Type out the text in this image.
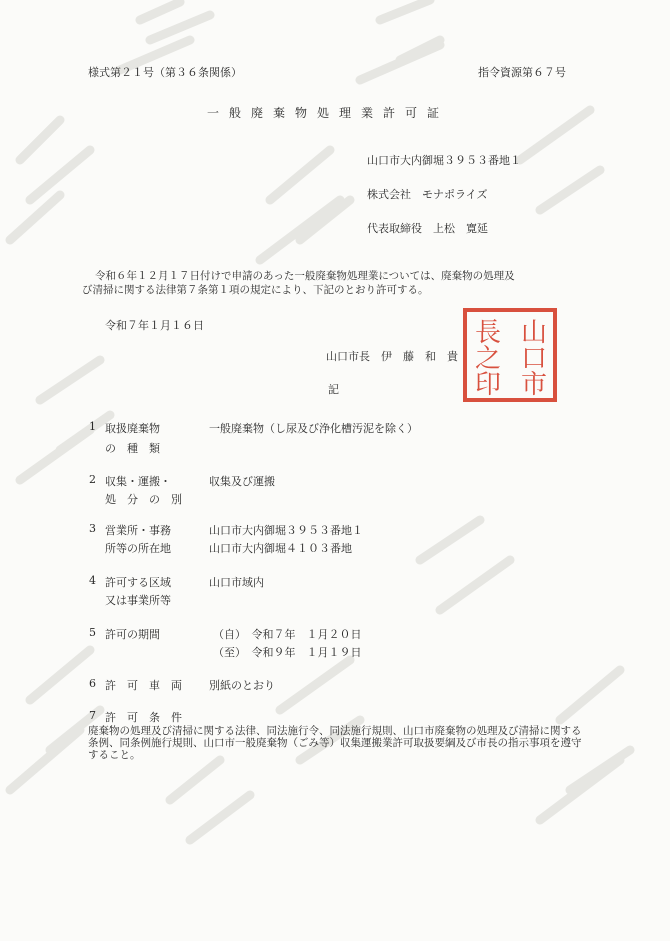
様式第２１号（第３６条関係）	指令資源第６７号
一般廃棄物処理業許可証
山口市大内御堀３９５３番地１
株式会社　モナポライズ
代表取締役　上松　寛延
令和６年１２月１７日付けで申請のあった一般廃棄物処理業については、廃棄物の処理及
び清掃に関する法律第７条第１項の規定により、下記のとおり許可する。
令和７年１月１６日
山口市長　伊　藤　和　貴
記
山
口
市
長
之
印
1 取扱廃棄物
の　種　類
一般廃棄物（し尿及び浄化槽汚泥を除く）
2 収集・運搬・
処　分　の　別
収集及び運搬
3 営業所・事務
所等の所在地
山口市大内御堀３９５３番地１
山口市大内御堀４１０３番地
4 許可する区域
又は事業所等
山口市域内
5 許可の期間	（自）　令和７年　１月２０日
（至）　令和９年　１月１９日
6 許　可　車　両 別紙のとおり
7 許　可　条　件
廃棄物の処理及び清掃に関する法律、同法施行令、同法施行規則、山口市廃棄物の処理及び清掃に関する条例、同条例施行規則、山口市一般廃棄物（ごみ等）収集運搬業許可取扱要綱及び市長の指示事項を遵守すること。
